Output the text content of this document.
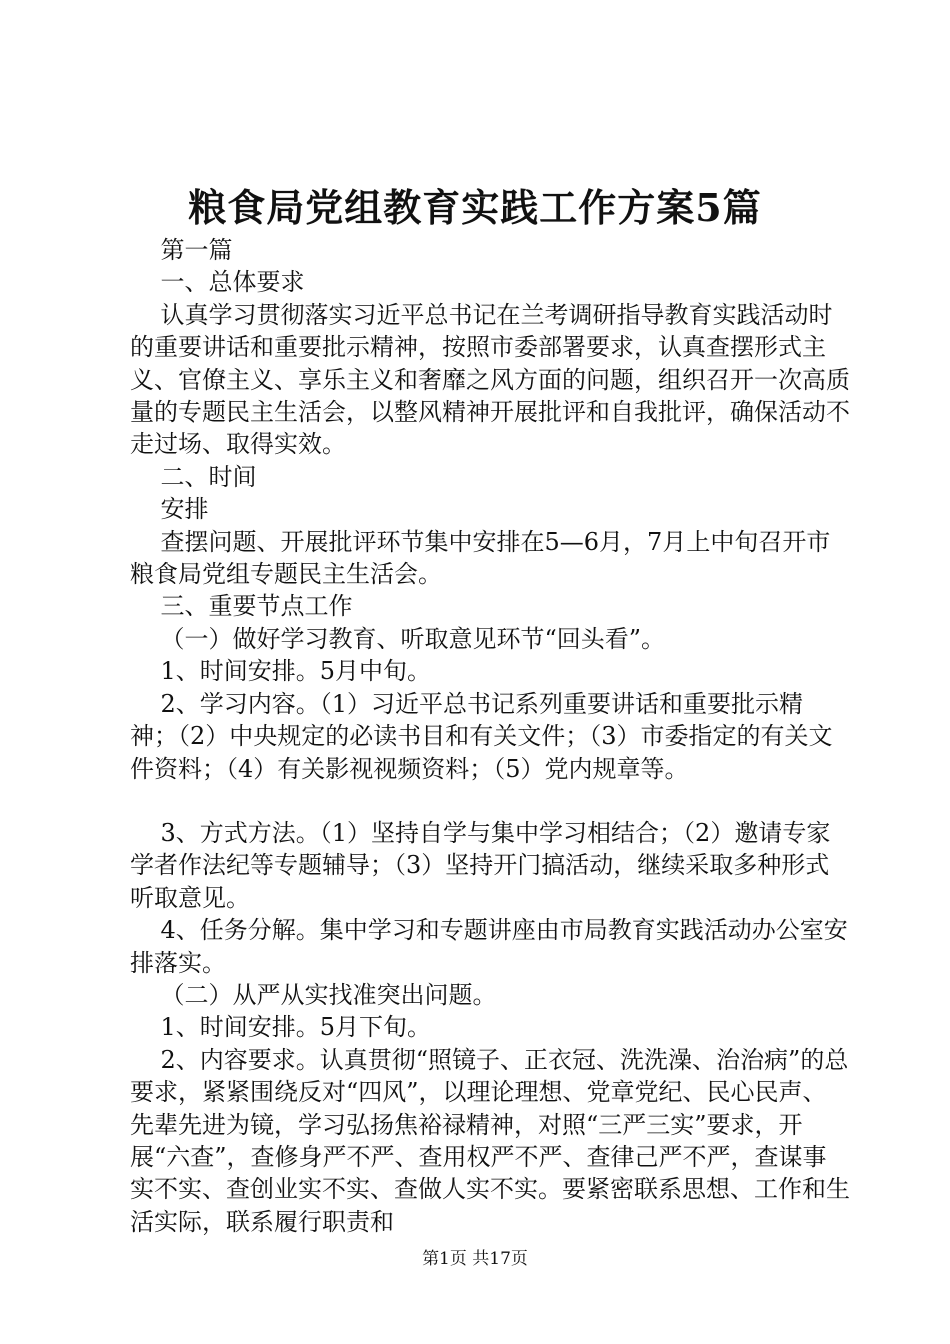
粮食局党组教育实践工作方案5篇

第一篇

一、总体要求

认真学习贯彻落实习近平总书记在兰考调研指导教育实践活动时的重要讲话和重要批示精神，按照市委部署要求，认真查摆形式主义、官僚主义、享乐主义和奢靡之风方面的问题，组织召开一次高质量的专题民主生活会，以整风精神开展批评和自我批评，确保活动不走过场、取得实效。

二、时间

安排

查摆问题、开展批评环节集中安排在5—6月，7月上中旬召开市粮食局党组专题民主生活会。

三、重要节点工作

（一）做好学习教育、听取意见环节“回头看”。

1、时间安排。5月中旬。

2、学习内容。（1）习近平总书记系列重要讲话和重要批示精神；（2）中央规定的必读书目和有关文件；（3）市委指定的有关文件资料；（4）有关影视视频资料；（5）党内规章等。

3、方式方法。（1）坚持自学与集中学习相结合；（2）邀请专家学者作法纪等专题辅导；（3）坚持开门搞活动，继续采取多种形式听取意见。

4、任务分解。集中学习和专题讲座由市局教育实践活动办公室安排落实。

（二）从严从实找准突出问题。

1、时间安排。5月下旬。

2、内容要求。认真贯彻“照镜子、正衣冠、洗洗澡、治治病”的总要求，紧紧围绕反对“四风”，以理论理想、党章党纪、民心民声、先辈先进为镜，学习弘扬焦裕禄精神，对照“三严三实”要求，开展“六查”，查修身严不严、查用权严不严、查律己严不严，查谋事实不实、查创业实不实、查做人实不实。要紧密联系思想、工作和生活实际，联系履行职责和

第1页 共17页
